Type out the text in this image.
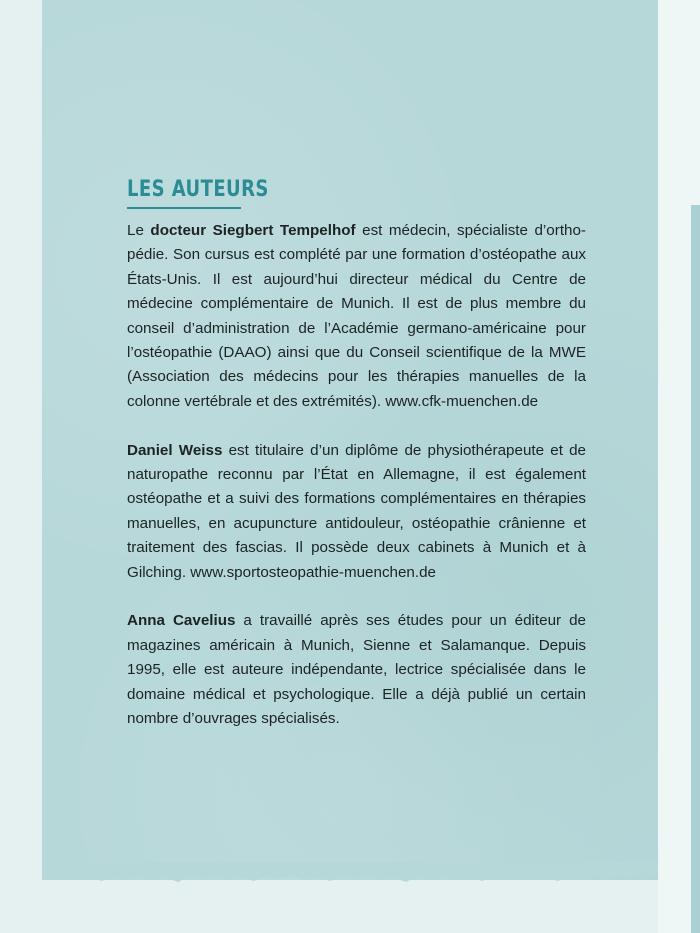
LES AUTEURS

Le docteur Siegbert Tempelhof est médecin, spécialiste d’ortho-pédie. Son cursus est complété par une formation d’ostéopathe aux États-Unis. Il est aujourd’hui directeur médical du Centre de médecine complémentaire de Munich. Il est de plus membre du conseil d’administration de l’Académie germano-américaine pour l’ostéopathie (DAAO) ainsi que du Conseil scientifique de la MWE (Association des médecins pour les thérapies manuelles de la colonne vertébrale et des extrémités). www.cfk-muenchen.de

Daniel Weiss est titulaire d’un diplôme de physiothérapeute et de naturopathe reconnu par l’État en Allemagne, il est également ostéopathe et a suivi des formations complémentaires en thérapies manuelles, en acupuncture antidouleur, ostéopathie crânienne et traitement des fascias. Il possède deux cabinets à Munich et à Gilching. www.sportosteopathie-muenchen.de

Anna Cavelius a travaillé après ses études pour un éditeur de magazines américain à Munich, Sienne et Salamanque. Depuis 1995, elle est auteure indépendante, lectrice spécialisée dans le domaine médical et psychologique. Elle a déjà publié un certain nombre d’ouvrages spécialisés.
